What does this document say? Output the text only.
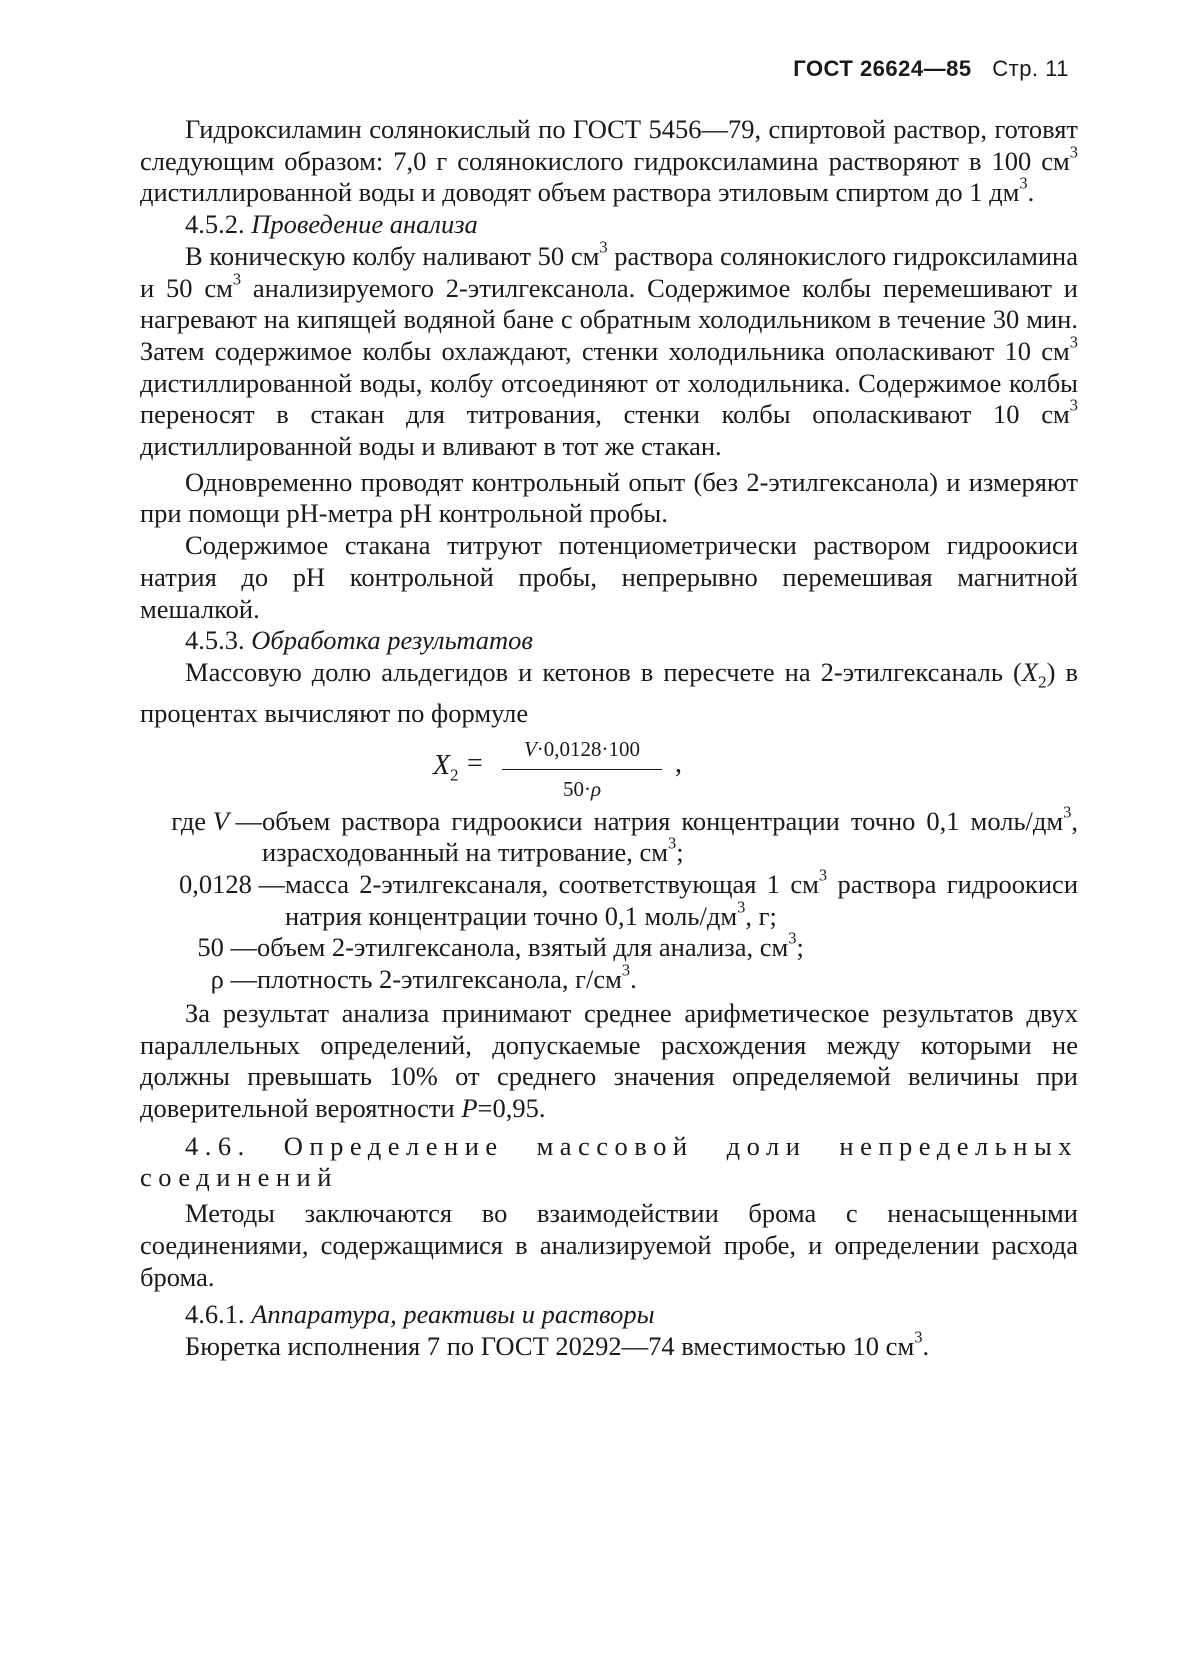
ГОСТ 26624—85 Стр. 11

Гидроксиламин солянокислый по ГОСТ 5456—79, спиртовой раствор, готовят следующим образом: 7,0 г солянокислого гидроксиламина растворяют в 100 $см^3$ дистиллированной воды и доводят объем раствора этиловым спиртом до 1 $дм^3$.

4.5.2. Проведение анализа

В коническую колбу наливают 50 $см^3$ раствора солянокислого гидроксиламина и 50 $см^3$ анализируемого 2-этилгексанола. Содержимое колбы перемешивают и нагревают на кипящей водяной бане с обратным холодильником в течение 30 мин. Затем содержимое колбы охлаждают, стенки холодильника ополаскивают 10 $см^3$ дистиллированной воды, колбу отсоединяют от холодильника. Содержимое колбы переносят в стакан для титрования, стенки колбы ополаскивают 10 $см^3$ дистиллированной воды и вливают в тот же стакан.

Одновременно проводят контрольный опыт (без 2-этилгексанола) и измеряют при помощи рН-метра рН контрольной пробы.

Содержимое стакана титруют потенциометрически раствором гидроокиси натрия до рН контрольной пробы, непрерывно перемешивая магнитной мешалкой.

4.5.3. Обработка результатов

Массовую долю альдегидов и кетонов в пересчете на 2-этилгексаналь $(X_2)$ в процентах вычисляют по формуле

$X_2 = \frac{V\cdot 0,0128\cdot 100}{50\cdot\rho}$ ,
где V — объем раствора гидроокиси натрия концентрации точно 0,1 моль/$дм^3$, израсходованный на титрование, $см^3$;
0,0128 — масса 2-этилгексаналя, соответствующая 1 $см^3$ раствора гидроокиси натрия концентрации точно 0,1 моль/$дм^3$, г;
50 — объем 2-этилгексанола, взятый для анализа, $см^3$;
ρ — плотность 2-этилгексанола, $г/см^3$.

За результат анализа принимают среднее арифметическое результатов двух параллельных определений, допускаемые расхождения между которыми не должны превышать 10% от среднего значения определяемой величины при доверительной вероятности P=0,95.

4.6. Определение массовой доли непредельных соединений

Методы заключаются во взаимодействии брома с ненасыщенными соединениями, содержащимися в анализируемой пробе, и определении расхода брома.

4.6.1. Аппаратура, реактивы и растворы

Бюретка исполнения 7 по ГОСТ 20292—74 вместимостью 10 $см^3$.
